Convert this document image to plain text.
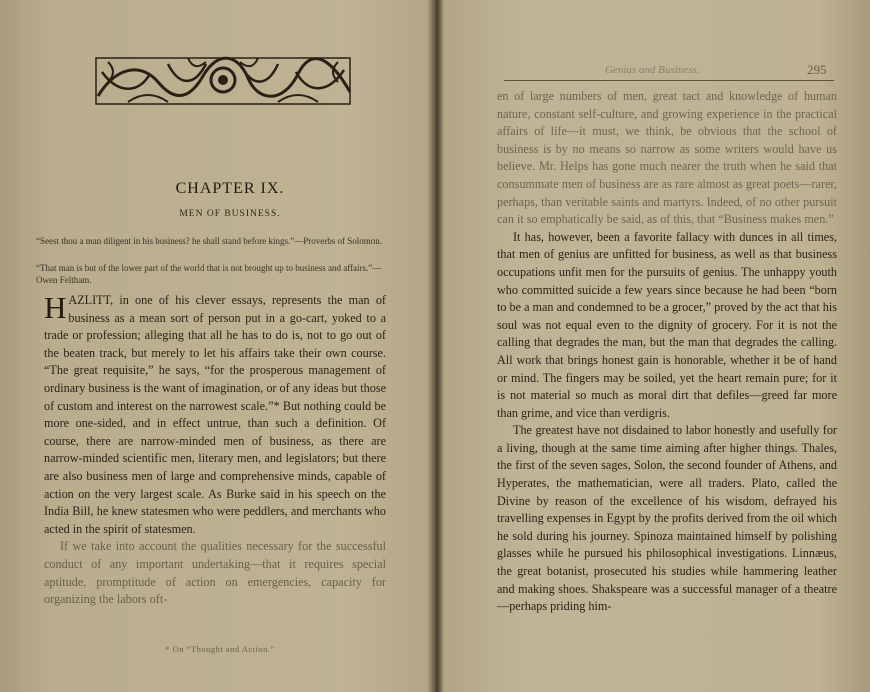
CHAPTER IX.
MEN OF BUSINESS.
“Seest thou a man diligent in his business? he shall stand before kings.”—Proverbs of Solomon.
“That man is but of the lower part of the world that is not brought up to business and affairs.”—Owen Feltham.

HAZLITT, in one of his clever essays, represents the man of business as a mean sort of person put in a go-cart, yoked to a trade or profession; alleging that all he has to do is, not to go out of the beaten track, but merely to let his affairs take their own course. “The great requisite,” he says, “for the prosperous management of ordinary business is the want of imagination, or of any ideas but those of custom and interest on the narrowest scale.”* But nothing could be more one-sided, and in effect untrue, than such a definition. Of course, there are narrow-minded men of business, as there are narrow-minded scientific men, literary men, and legislators; but there are also business men of large and comprehensive minds, capable of action on the very largest scale. As Burke said in his speech on the India Bill, he knew statesmen who were peddlers, and merchants who acted in the spirit of statesmen.

If we take into account the qualities necessary for the successful conduct of any important undertaking—that it requires special aptitude, promptitude of action on emergencies, capacity for organizing the labors oft-

* On “Thought and Action.”
Genius and Business.	295

en of large numbers of men, great tact and knowledge of human nature, constant self-culture, and growing experience in the practical affairs of life—it must, we think, be obvious that the school of business is by no means so narrow as some writers would have us believe. Mr. Helps has gone much nearer the truth when he said that consummate men of business are as rare almost as great poets—rarer, perhaps, than veritable saints and martyrs. Indeed, of no other pursuit can it so emphatically be said, as of this, that “Business makes men.”

It has, however, been a favorite fallacy with dunces in all times, that men of genius are unfitted for business, as well as that business occupations unfit men for the pursuits of genius. The unhappy youth who committed suicide a few years since because he had been “born to be a man and condemned to be a grocer,” proved by the act that his soul was not equal even to the dignity of grocery. For it is not the calling that degrades the man, but the man that degrades the calling. All work that brings honest gain is honorable, whether it be of hand or mind. The fingers may be soiled, yet the heart remain pure; for it is not material so much as moral dirt that defiles—greed far more than grime, and vice than verdigris.

The greatest have not disdained to labor honestly and usefully for a living, though at the same time aiming after higher things. Thales, the first of the seven sages, Solon, the second founder of Athens, and Hyperates, the mathematician, were all traders. Plato, called the Divine by reason of the excellence of his wisdom, defrayed his travelling expenses in Egypt by the profits derived from the oil which he sold during his journey. Spinoza maintained himself by polishing glasses while he pursued his philosophical investigations. Linnæus, the great botanist, prosecuted his studies while hammering leather and making shoes. Shakspeare was a successful manager of a theatre—perhaps priding him-
